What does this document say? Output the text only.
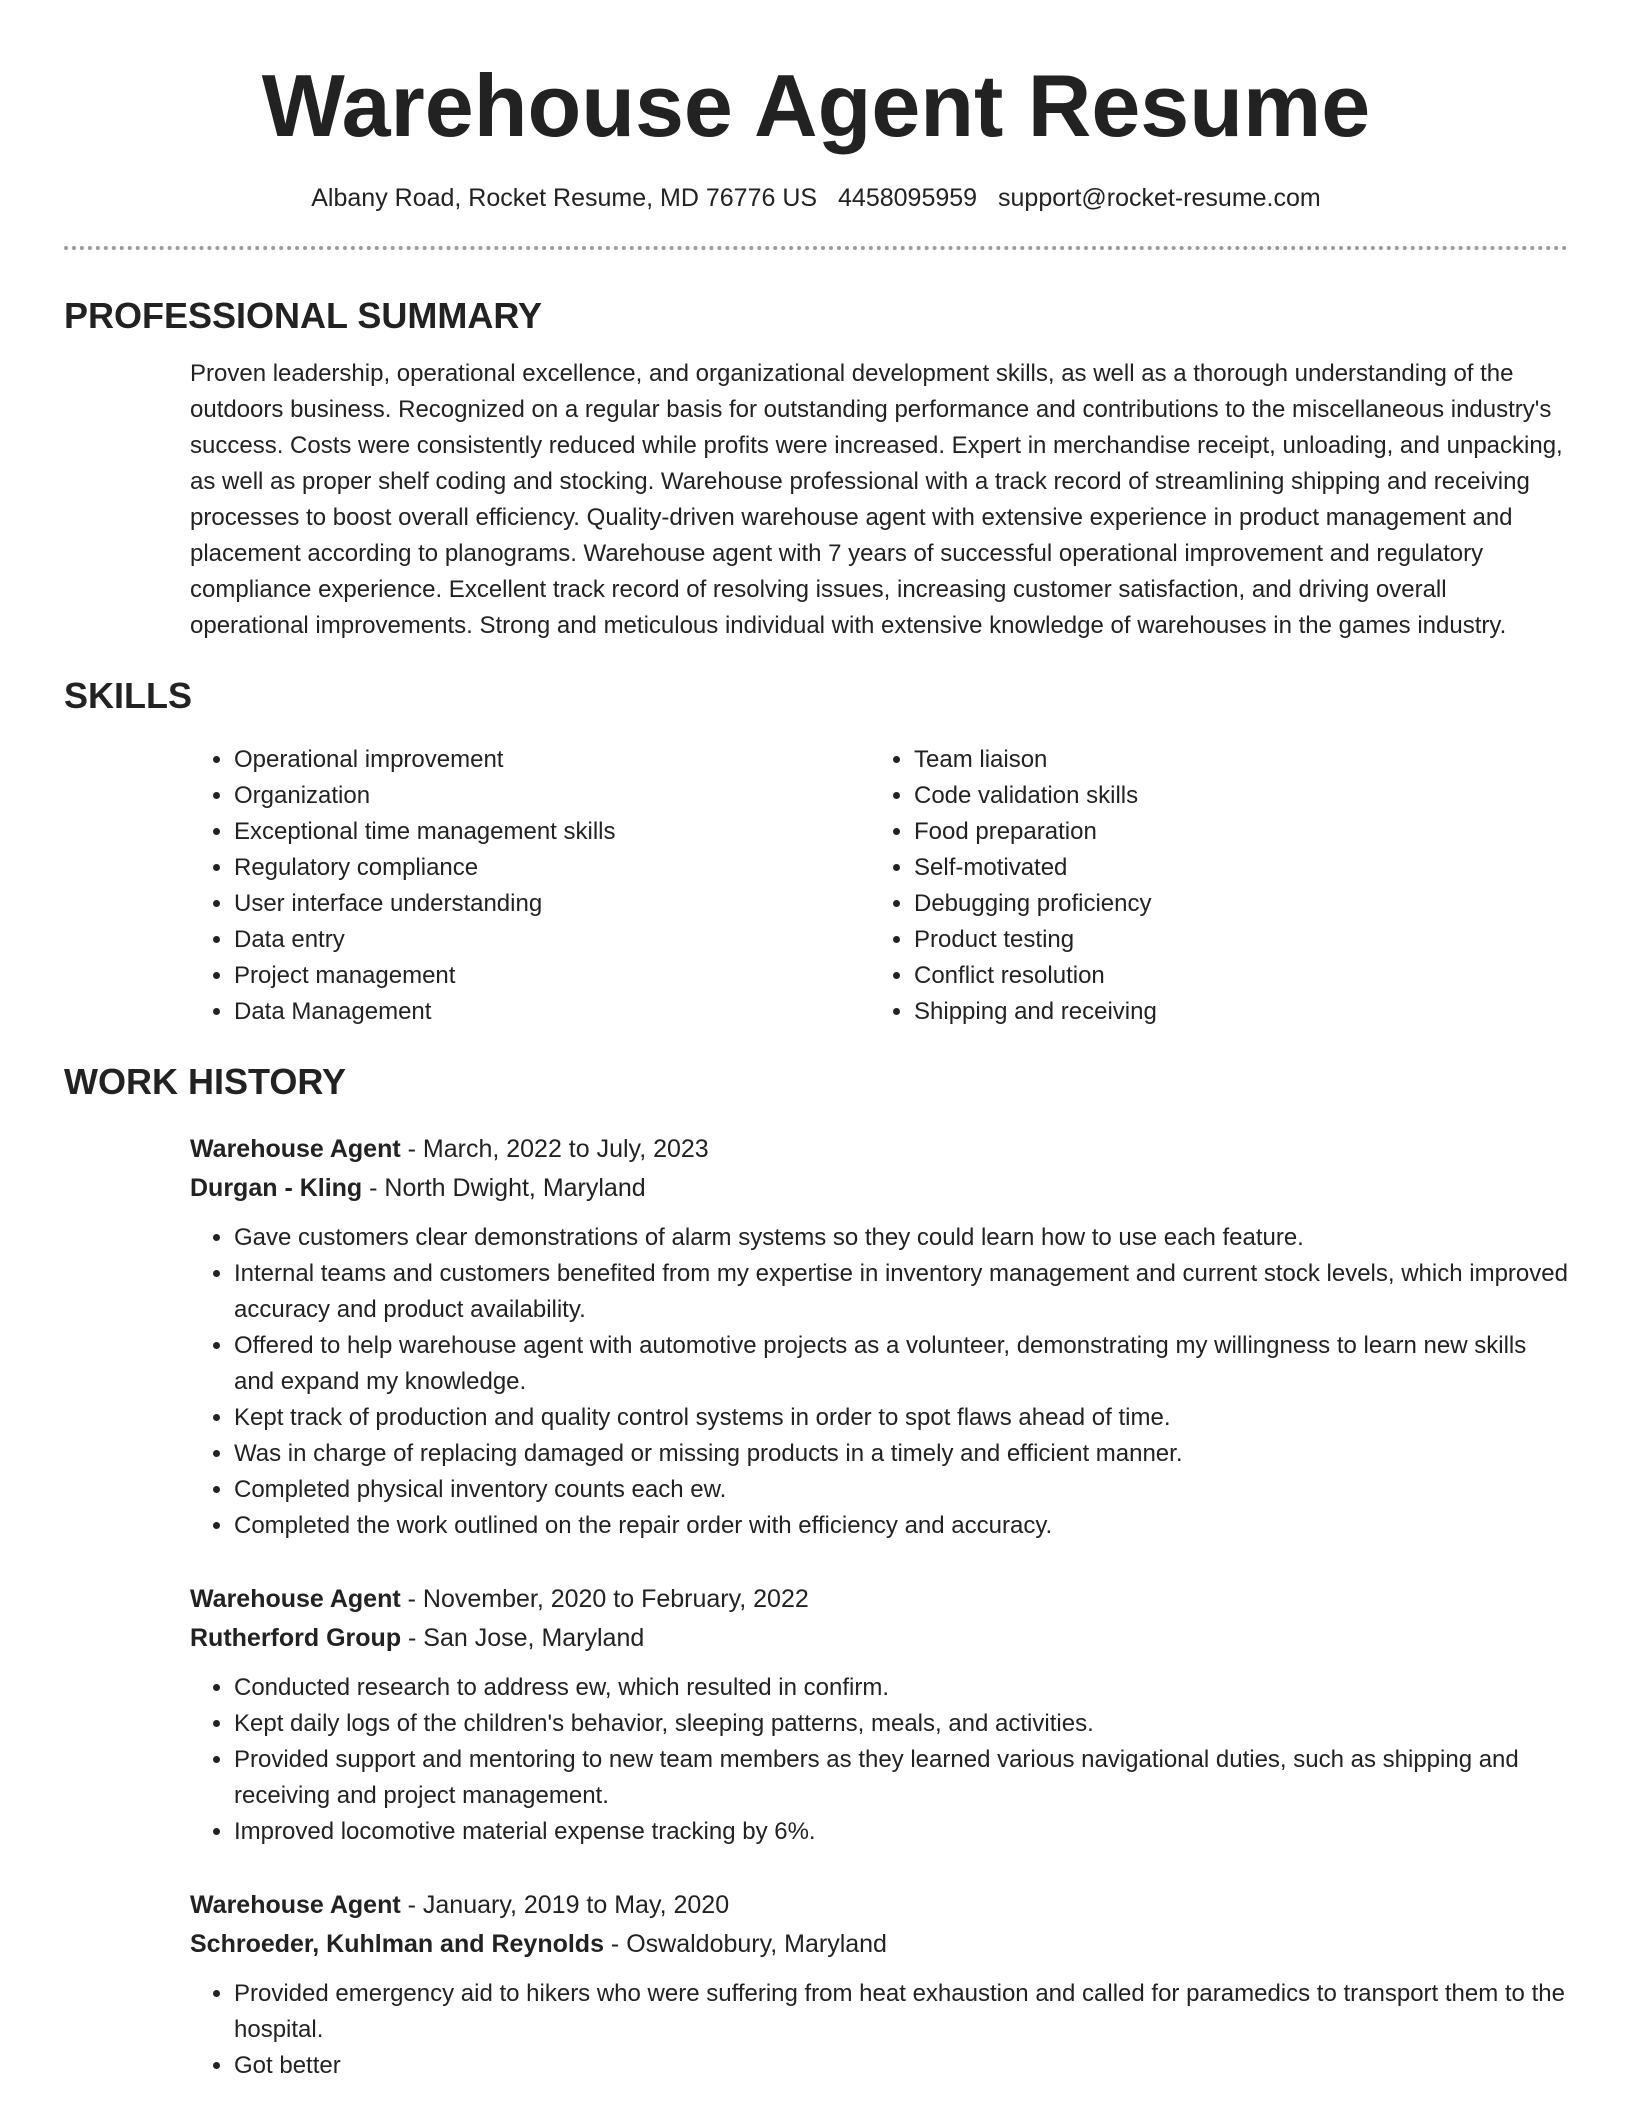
Warehouse Agent Resume
Albany Road, Rocket Resume, MD 76776 US 4458095959 support@rocket-resume.com
PROFESSIONAL SUMMARY

Proven leadership, operational excellence, and organizational development skills, as well as a thorough understanding of the outdoors business. Recognized on a regular basis for outstanding performance and contributions to the miscellaneous industry's success. Costs were consistently reduced while profits were increased. Expert in merchandise receipt, unloading, and unpacking, as well as proper shelf coding and stocking. Warehouse professional with a track record of streamlining shipping and receiving processes to boost overall efficiency. Quality-driven warehouse agent with extensive experience in product management and placement according to planograms. Warehouse agent with 7 years of successful operational improvement and regulatory compliance experience. Excellent track record of resolving issues, increasing customer satisfaction, and driving overall operational improvements. Strong and meticulous individual with extensive knowledge of warehouses in the games industry.

SKILLS
• Operational improvement
• Organization
• Exceptional time management skills
• Regulatory compliance
• User interface understanding
• Data entry
• Project management
• Data Management
• Team liaison
• Code validation skills
• Food preparation
• Self-motivated
• Debugging proficiency
• Product testing
• Conflict resolution
• Shipping and receiving
WORK HISTORY
Warehouse Agent - March, 2022 to July, 2023
Durgan - Kling - North Dwight, Maryland
• Gave customers clear demonstrations of alarm systems so they could learn how to use each feature.
• Internal teams and customers benefited from my expertise in inventory management and current stock levels, which improved accuracy and product availability.
• Offered to help warehouse agent with automotive projects as a volunteer, demonstrating my willingness to learn new skills and expand my knowledge.
• Kept track of production and quality control systems in order to spot flaws ahead of time.
• Was in charge of replacing damaged or missing products in a timely and efficient manner.
• Completed physical inventory counts each ew.
• Completed the work outlined on the repair order with efficiency and accuracy.
Warehouse Agent - November, 2020 to February, 2022
Rutherford Group - San Jose, Maryland
• Conducted research to address ew, which resulted in confirm.
• Kept daily logs of the children's behavior, sleeping patterns, meals, and activities.
• Provided support and mentoring to new team members as they learned various navigational duties, such as shipping and receiving and project management.
• Improved locomotive material expense tracking by 6%.
Warehouse Agent - January, 2019 to May, 2020
Schroeder, Kuhlman and Reynolds - Oswaldobury, Maryland
• Provided emergency aid to hikers who were suffering from heat exhaustion and called for paramedics to transport them to the hospital.
• Got better
